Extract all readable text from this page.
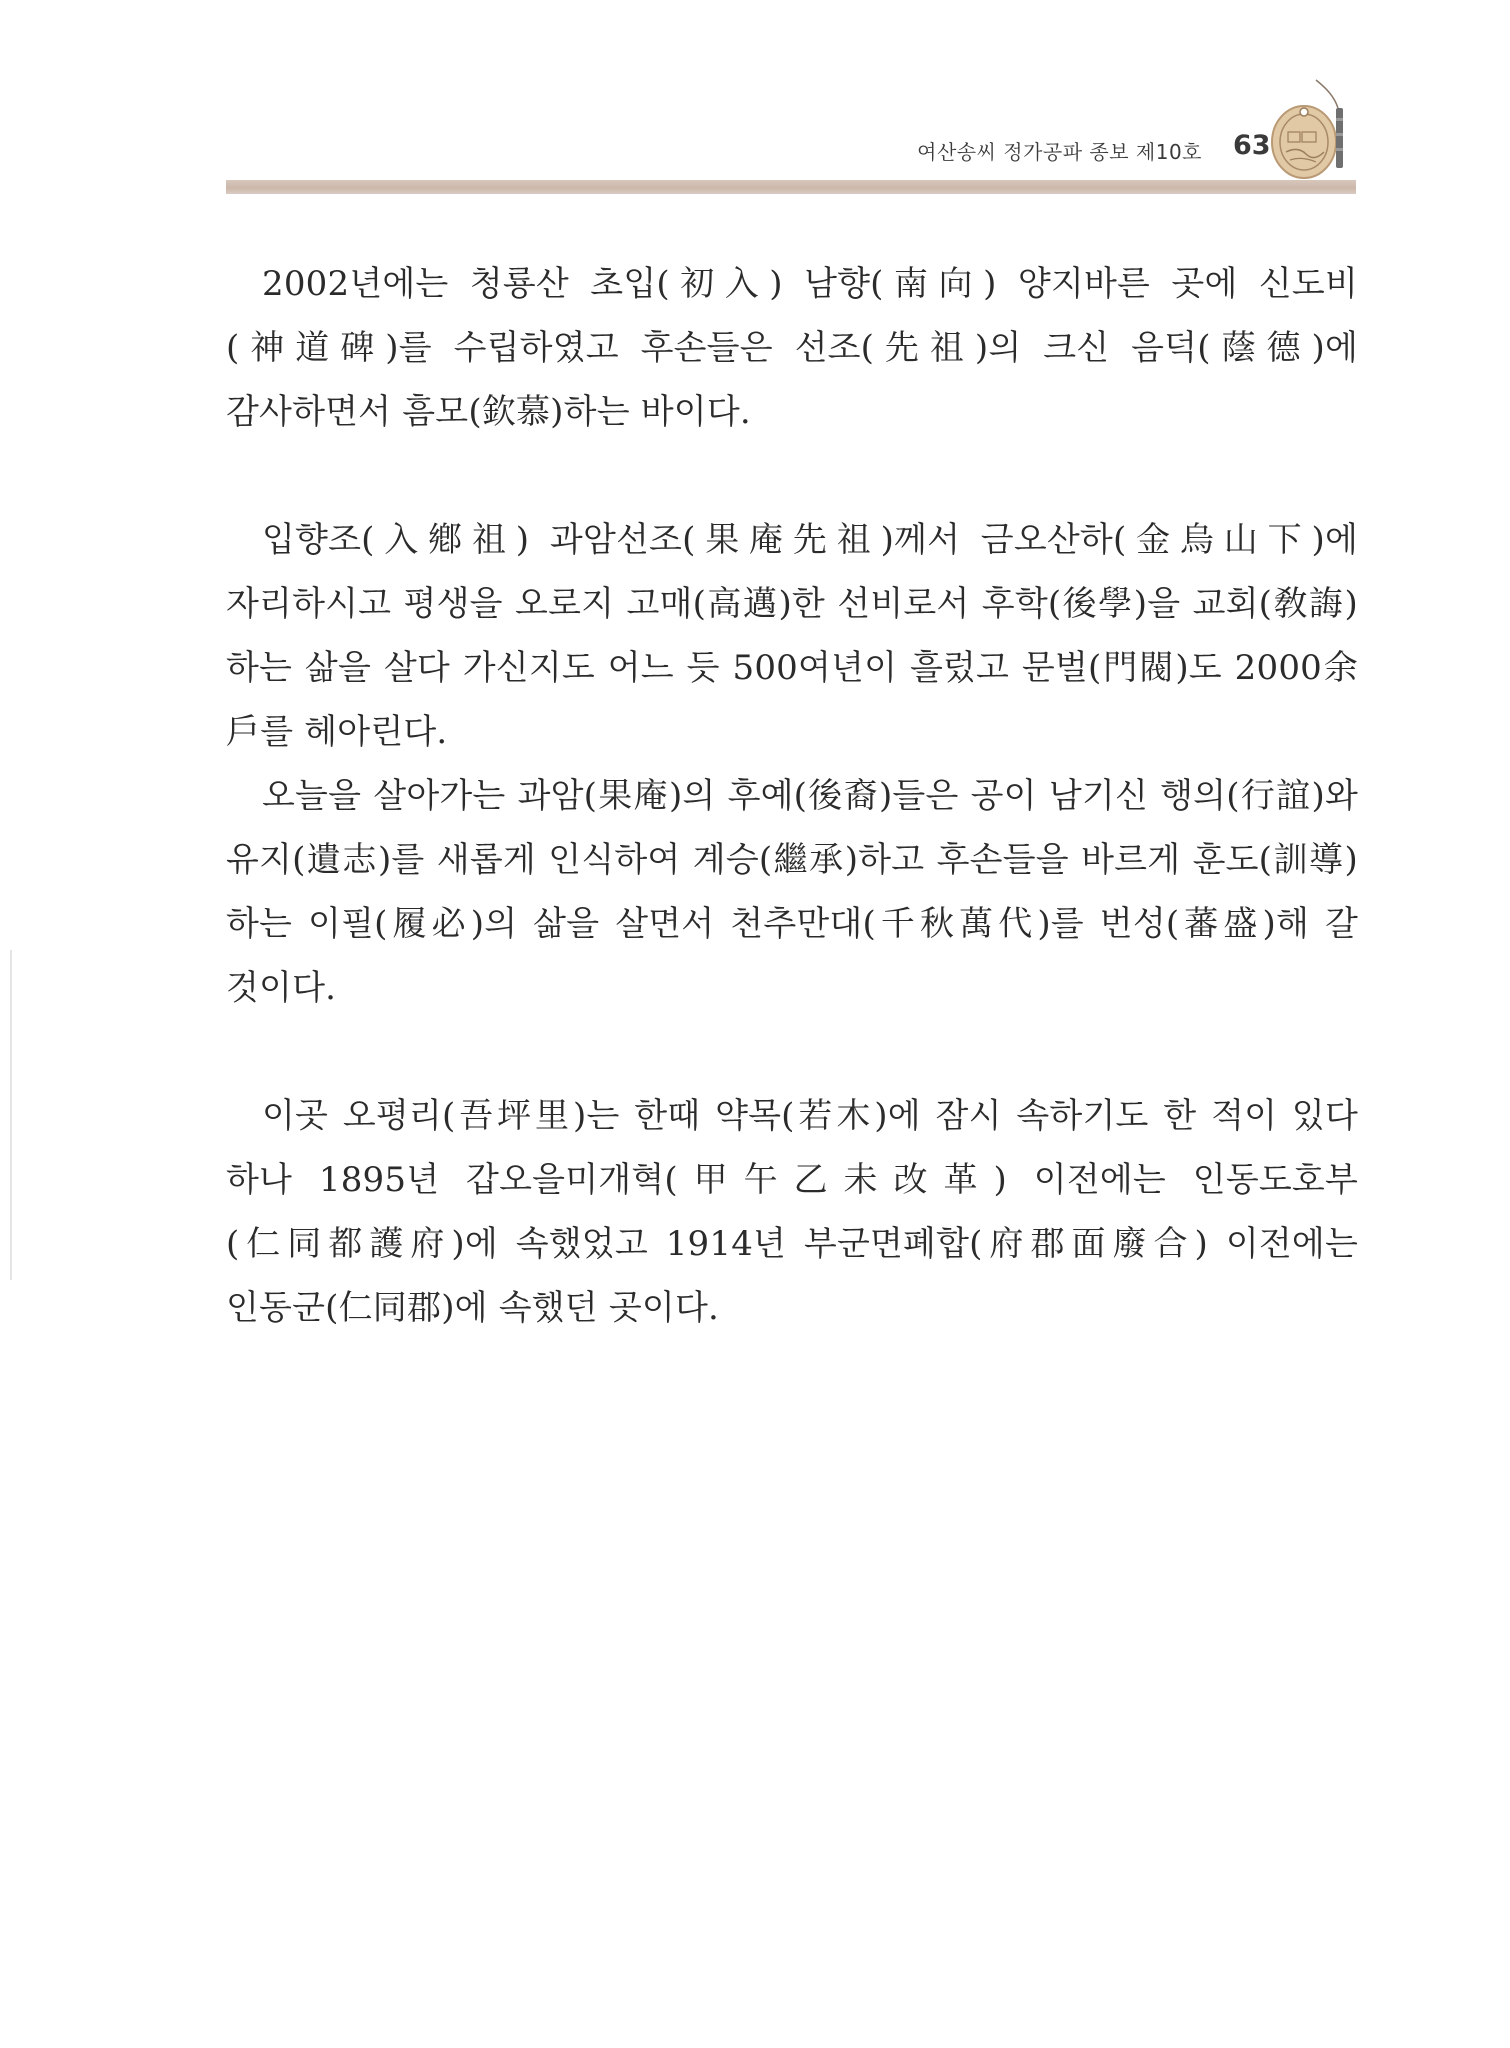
여산송씨 정가공파 종보 제10호 63

2002년에는 청룡산 초입(初入) 남향(南向) 양지바른 곳에 신도비(神道碑)를 수립하였고 후손들은 선조(先祖)의 크신 음덕(蔭德)에 감사하면서 흠모(欽慕)하는 바이다.

입향조(入鄕祖) 과암선조(果庵先祖)께서 금오산하(金烏山下)에 자리하시고 평생을 오로지 고매(高邁)한 선비로서 후학(後學)을 교회(敎誨)하는 삶을 살다 가신지도 어느 듯 500여년이 흘렀고 문벌(門閥)도 2000余 戶를 헤아린다.

오늘을 살아가는 과암(果庵)의 후예(後裔)들은 공이 남기신 행의(行誼)와 유지(遺志)를 새롭게 인식하여 계승(繼承)하고 후손들을 바르게 훈도(訓導)하는 이필(履必)의 삶을 살면서 천추만대(千秋萬代)를 번성(蕃盛)해 갈 것이다.

이곳 오평리(吾坪里)는 한때 약목(若木)에 잠시 속하기도 한 적이 있다 하나 1895년 갑오을미개혁(甲午乙未改革) 이전에는 인동도호부(仁同都護府)에 속했었고 1914년 부군면폐합(府郡面廢合) 이전에는 인동군(仁同郡)에 속했던 곳이다.
